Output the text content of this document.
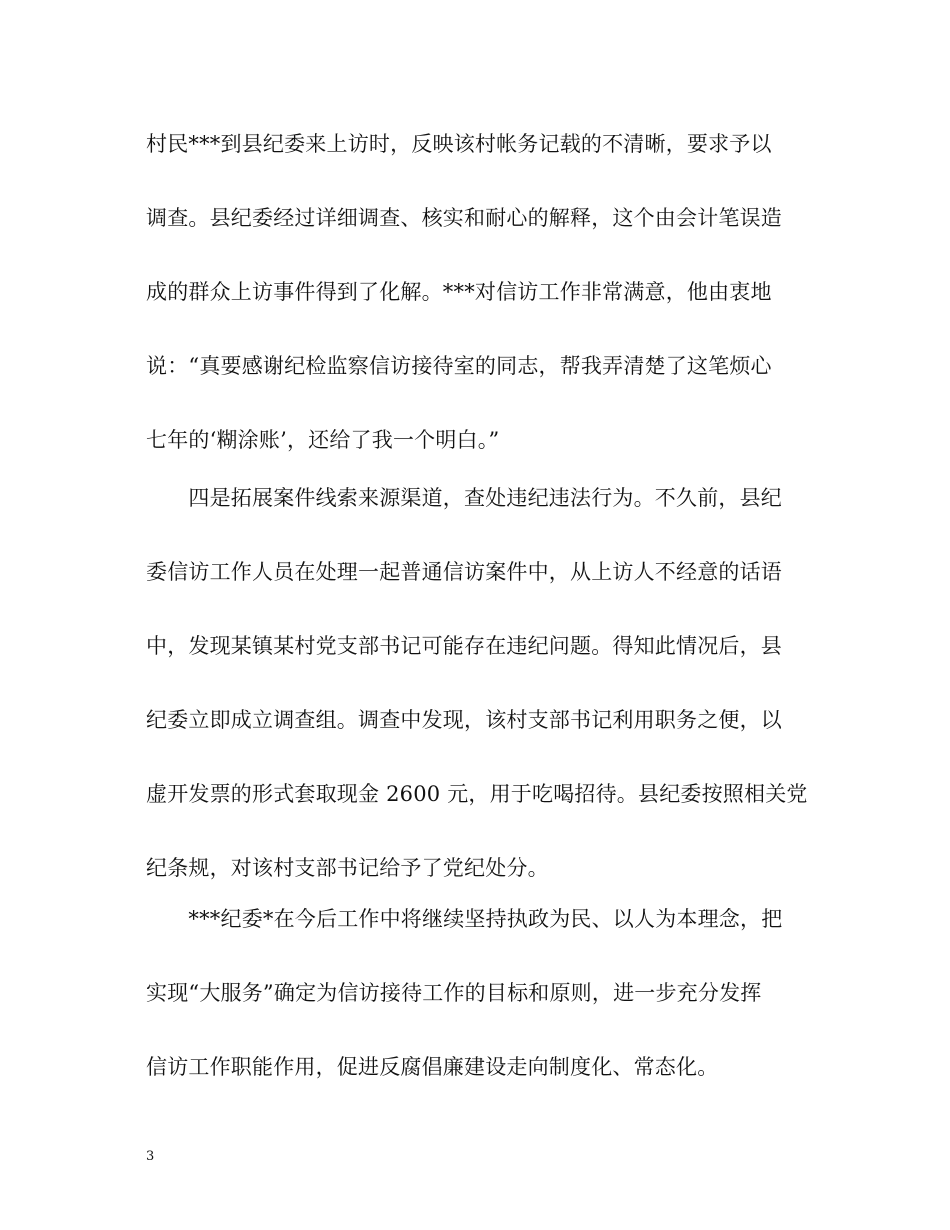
村民***到县纪委来上访时，反映该村帐务记载的不清晰，要求予以
调查。县纪委经过详细调查、核实和耐心的解释，这个由会计笔误造
成的群众上访事件得到了化解。***对信访工作非常满意，他由衷地
说：“真要感谢纪检监察信访接待室的同志，帮我弄清楚了这笔烦心
七年的‘糊涂账’，还给了我一个明白。”
　　四是拓展案件线索来源渠道，查处违纪违法行为。不久前，县纪
委信访工作人员在处理一起普通信访案件中，从上访人不经意的话语
中，发现某镇某村党支部书记可能存在违纪问题。得知此情况后，县
纪委立即成立调查组。调查中发现，该村支部书记利用职务之便，以
虚开发票的形式套取现金 2600 元，用于吃喝招待。县纪委按照相关党
纪条规，对该村支部书记给予了党纪处分。
　　***纪委*在今后工作中将继续坚持执政为民、以人为本理念，把
实现“大服务”确定为信访接待工作的目标和原则，进一步充分发挥
信访工作职能作用，促进反腐倡廉建设走向制度化、常态化。
3
